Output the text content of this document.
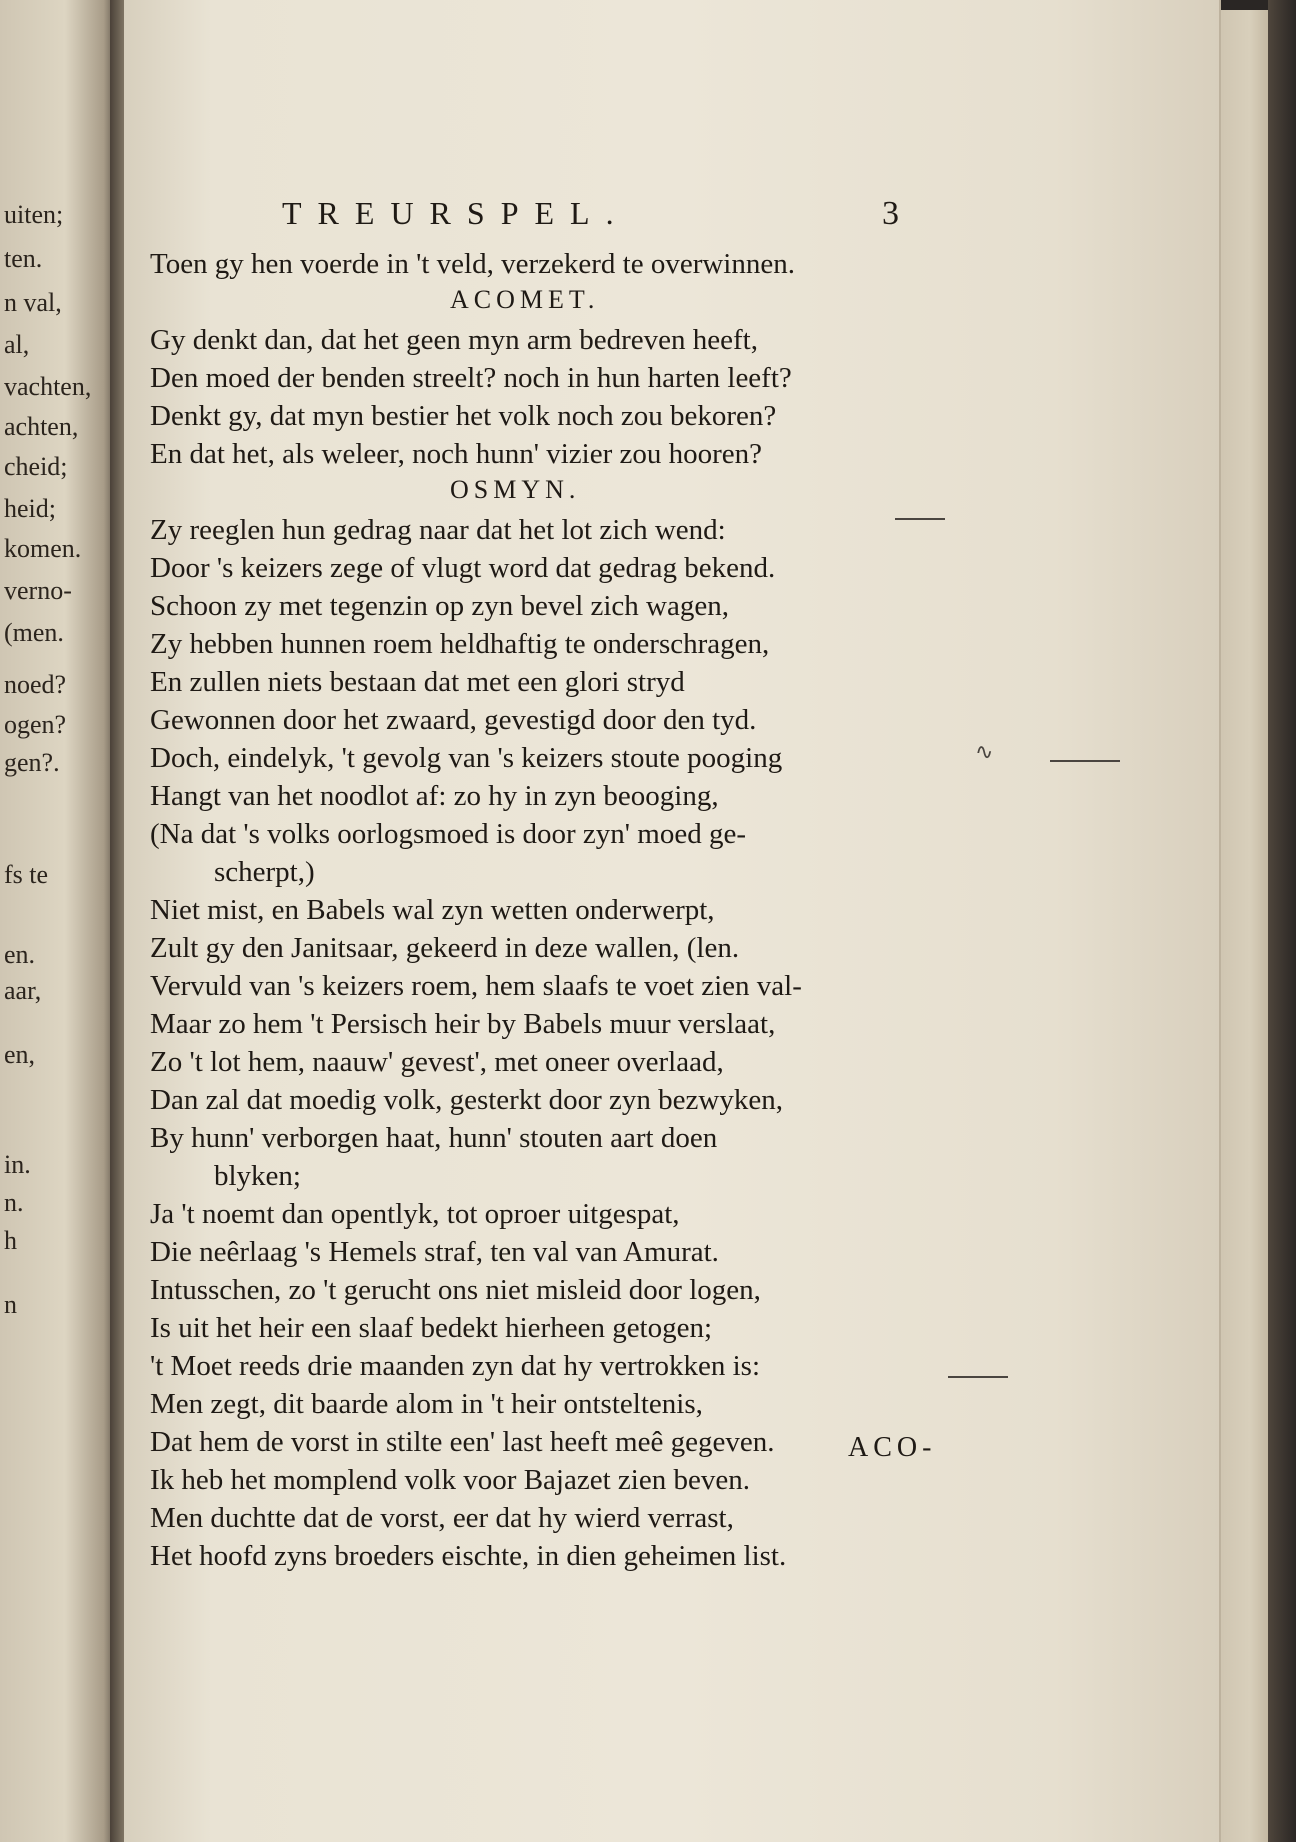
uiten;
ten.
n val,
al,
vachten,
achten,
cheid;
heid;
komen.
verno-
(men.
noed?
ogen?
gen?.
fs te
en.
aar,
en,
in.
n.
h
n
TREURSPEL.	3
Toen gy hen voerde in 't veld, verzekerd te overwinnen.
ACOMET.
Gy denkt dan, dat het geen myn arm bedreven heeft,
Den moed der benden streelt? noch in hun harten leeft?
Denkt gy, dat myn bestier het volk noch zou bekoren?
En dat het, als weleer, noch hunn' vizier zou hooren?
OSMYN.
Zy reeglen hun gedrag naar dat het lot zich wend:
Door 's keizers zege of vlugt word dat gedrag bekend.
Schoon zy met tegenzin op zyn bevel zich wagen,
Zy hebben hunnen roem heldhaftig te onderschragen,
En zullen niets bestaan dat met een glori stryd
Gewonnen door het zwaard, gevestigd door den tyd.
Doch, eindelyk, 't gevolg van 's keizers stoute pooging
Hangt van het noodlot af: zo hy in zyn beooging,
(Na dat 's volks oorlogsmoed is door zyn' moed ge-
scherpt,)
Niet mist, en Babels wal zyn wetten onderwerpt,
Zult gy den Janitsaar, gekeerd in deze wallen, (len.
Vervuld van 's keizers roem, hem slaafs te voet zien val-
Maar zo hem 't Persisch heir by Babels muur verslaat,
Zo 't lot hem, naauw' gevest', met oneer overlaad,
Dan zal dat moedig volk, gesterkt door zyn bezwyken,
By hunn' verborgen haat, hunn' stouten aart doen
blyken;
Ja 't noemt dan opentlyk, tot oproer uitgespat,
Die neêrlaag 's Hemels straf, ten val van Amurat.
Intusschen, zo 't gerucht ons niet misleid door logen,
Is uit het heir een slaaf bedekt hierheen getogen;
't Moet reeds drie maanden zyn dat hy vertrokken is:
Men zegt, dit baarde alom in 't heir ontsteltenis,
Dat hem de vorst in stilte een' last heeft meê gegeven.
Ik heb het momplend volk voor Bajazet zien beven.
Men duchtte dat de vorst, eer dat hy wierd verrast,
Het hoofd zyns broeders eischte, in dien geheimen list.
ACO-
∿
